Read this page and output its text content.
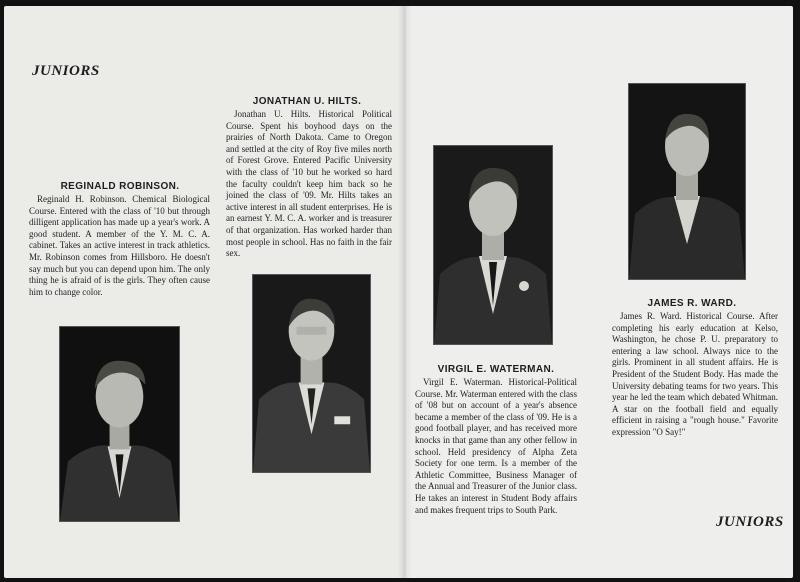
JUNIORS
JUNIORS
REGINALD ROBINSON.
Reginald H. Robinson. Chemical Biological Course. Entered with the class of '10 but through dilligent application has made up a year's work. A good student. A member of the Y. M. C. A. cabinet. Takes an active interest in track athletics. Mr. Robinson comes from Hillsboro. He doesn't say much but you can depend upon him. The only thing he is afraid of is the girls. They often cause him to change color.
JONATHAN U. HILTS.
Jonathan U. Hilts. Historical Political Course. Spent his boyhood days on the prairies of North Dakota. Came to Oregon and settled at the city of Roy five miles north of Forest Grove. Entered Pacific University with the class of '10 but he worked so hard the faculty couldn't keep him back so he joined the class of '09. Mr. Hilts takes an active interest in all student enterprises. He is an earnest Y. M. C. A. worker and is treasurer of that organization. Has worked harder than most people in school. Has no faith in the fair sex.
VIRGIL E. WATERMAN.
Virgil E. Waterman. Historical-Political Course. Mr. Waterman entered with the class of '08 but on account of a year's absence became a member of the class of '09. He is a good football player, and has received more knocks in that game than any other fellow in school. Held presidency of Alpha Zeta Society for one term. Is a member of the Athletic Committee, Business Manager of the Annual and Treasurer of the Junior class. He takes an interest in Student Body affairs and makes frequent trips to South Park.
JAMES R. WARD.
James R. Ward. Historical Course. After completing his early education at Kelso, Washington, he chose P. U. preparatory to entering a law school. Always nice to the girls. Prominent in all student affairs. He is President of the Student Body. Has made the University debating teams for two years. This year he led the team which debated Whitman. A star on the football field and equally efficient in raising a "rough house." Favorite expression "O Say!"
